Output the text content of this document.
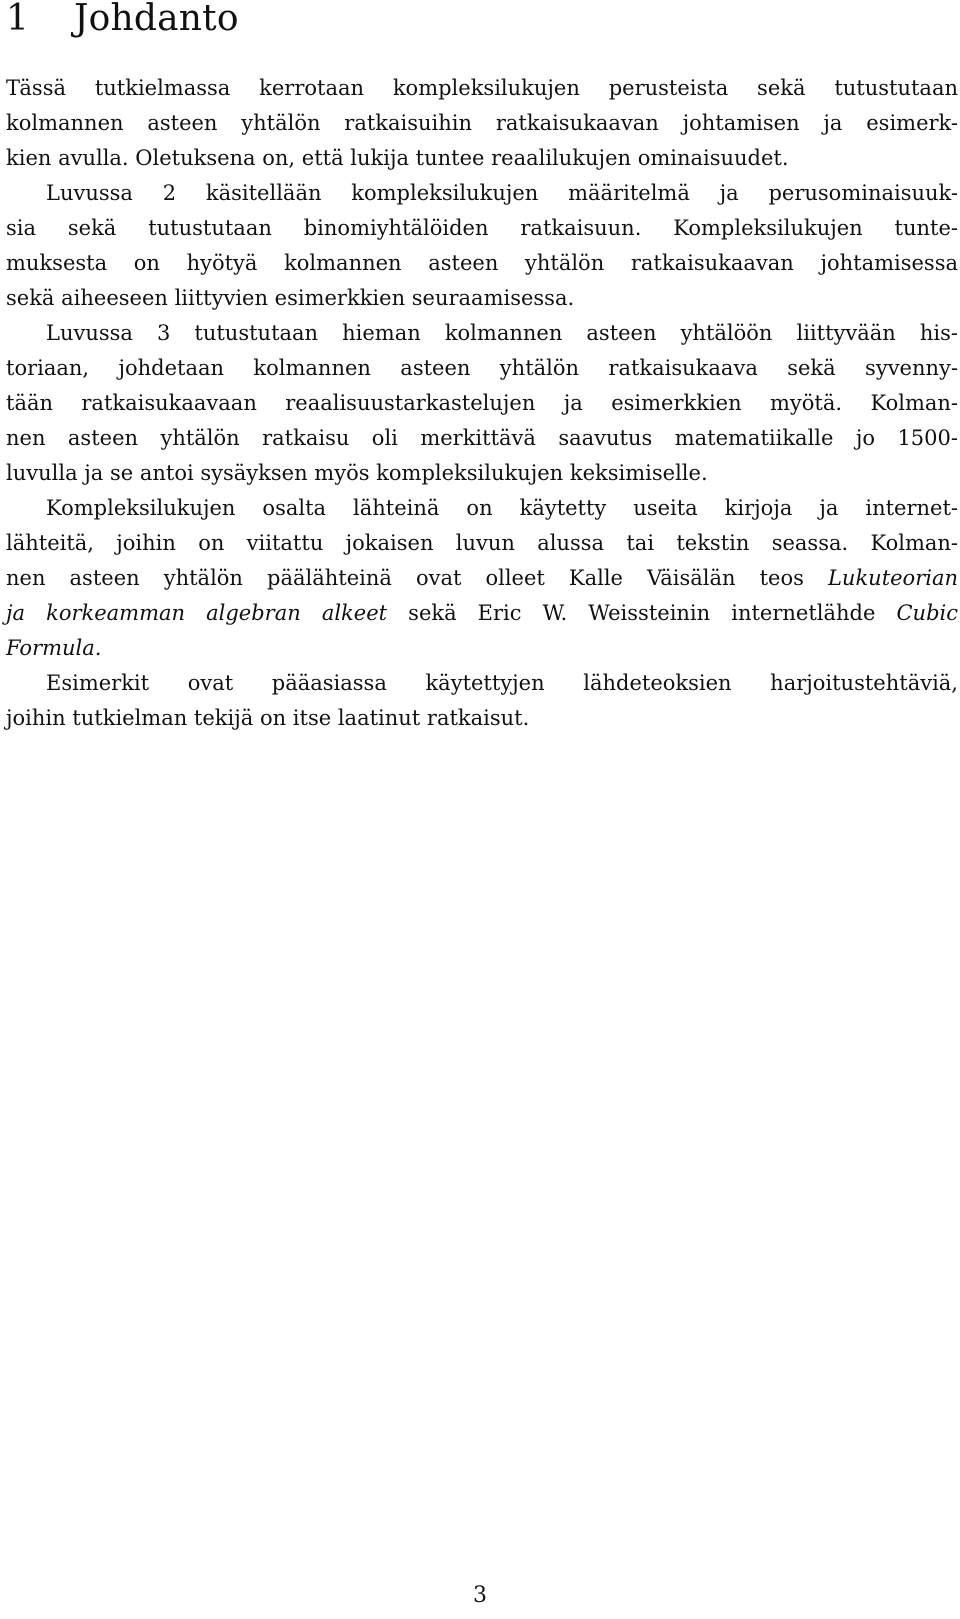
1 Johdanto
Tässä tutkielmassa kerrotaan kompleksilukujen perusteista sekä tutustutaan
kolmannen asteen yhtälön ratkaisuihin ratkaisukaavan johtamisen ja esimerk-
kien avulla. Oletuksena on, että lukija tuntee reaalilukujen ominaisuudet.
Luvussa 2 käsitellään kompleksilukujen määritelmä ja perusominaisuuk-
sia sekä tutustutaan binomiyhtälöiden ratkaisuun. Kompleksilukujen tunte-
muksesta on hyötyä kolmannen asteen yhtälön ratkaisukaavan johtamisessa
sekä aiheeseen liittyvien esimerkkien seuraamisessa.
Luvussa 3 tutustutaan hieman kolmannen asteen yhtälöön liittyvään his-
toriaan, johdetaan kolmannen asteen yhtälön ratkaisukaava sekä syvenny-
tään ratkaisukaavaan reaalisuustarkastelujen ja esimerkkien myötä. Kolman-
nen asteen yhtälön ratkaisu oli merkittävä saavutus matematiikalle jo 1500-
luvulla ja se antoi sysäyksen myös kompleksilukujen keksimiselle.
Kompleksilukujen osalta lähteinä on käytetty useita kirjoja ja internet-
lähteitä, joihin on viitattu jokaisen luvun alussa tai tekstin seassa. Kolman-
nen asteen yhtälön päälähteinä ovat olleet Kalle Väisälän teos Lukuteorian
ja korkeamman algebran alkeet sekä Eric W. Weissteinin internetlähde Cubic
Formula.
Esimerkit ovat pääasiassa käytettyjen lähdeteoksien harjoitustehtäviä,
joihin tutkielman tekijä on itse laatinut ratkaisut.
3
